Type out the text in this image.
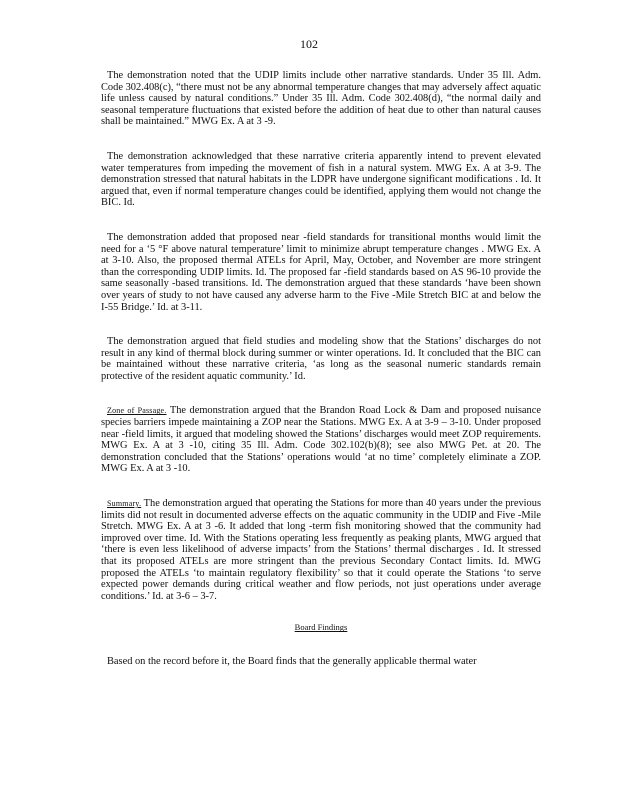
102

The demonstration noted that the UDIP limits include other narrative standards. Under 35 Ill. Adm. Code 302.408(c), “there must not be any abnormal temperature changes that may adversely affect aquatic life unless caused by natural conditions.” Under 35 Ill. Adm. Code 302.408(d), “the normal daily and seasonal temperature fluctuations that existed before the addition of heat due to other than natural causes shall be maintained.” MWG Ex. A at 3 -9.

The demonstration acknowledged that these narrative criteria apparently intend to prevent elevated water temperatures from impeding the movement of fish in a natural system. MWG Ex. A at 3-9. The demonstration stressed that natural habitats in the LDPR have undergone significant modifications . Id. It argued that, even if normal temperature changes could be identified, applying them would not change the BIC. Id.

The demonstration added that proposed near -field standards for transitional months would limit the need for a ‘5 °F above natural temperature’ limit to minimize abrupt temperature changes . MWG Ex. A at 3-10. Also, the proposed thermal ATELs for April, May, October, and November are more stringent than the corresponding UDIP limits. Id. The proposed far -field standards based on AS 96-10 provide the same seasonally -based transitions. Id. The demonstration argued that these standards ‘have been shown over years of study to not have caused any adverse harm to the Five -Mile Stretch BIC at and below the I-55 Bridge.’ Id. at 3-11.

The demonstration argued that field studies and modeling show that the Stations’ discharges do not result in any kind of thermal block during summer or winter operations. Id. It concluded that the BIC can be maintained without these narrative criteria, ‘as long as the seasonal numeric standards remain protective of the resident aquatic community.’ Id.

Zone of Passage. The demonstration argued that the Brandon Road Lock & Dam and proposed nuisance species barriers impede maintaining a ZOP near the Stations. MWG Ex. A at 3-9 – 3-10. Under proposed near -field limits, it argued that modeling showed the Stations’ discharges would meet ZOP requirements. MWG Ex. A at 3 -10, citing 35 Ill. Adm. Code 302.102(b)(8); see also MWG Pet. at 20. The demonstration concluded that the Stations’ operations would ‘at no time’ completely eliminate a ZOP. MWG Ex. A at 3 -10.

Summary. The demonstration argued that operating the Stations for more than 40 years under the previous limits did not result in documented adverse effects on the aquatic community in the UDIP and Five -Mile Stretch. MWG Ex. A at 3 -6. It added that long -term fish monitoring showed that the community had improved over time. Id. With the Stations operating less frequently as peaking plants, MWG argued that ‘there is even less likelihood of adverse impacts’ from the Stations’ thermal discharges . Id. It stressed that its proposed ATELs are more stringent than the previous Secondary Contact limits. Id. MWG proposed the ATELs ‘to maintain regulatory flexibility’ so that it could operate the Stations ‘to serve expected power demands during critical weather and flow periods, not just operations under average conditions.’ Id. at 3-6 – 3-7.

Board Findings

Based on the record before it, the Board finds that the generally applicable thermal water
